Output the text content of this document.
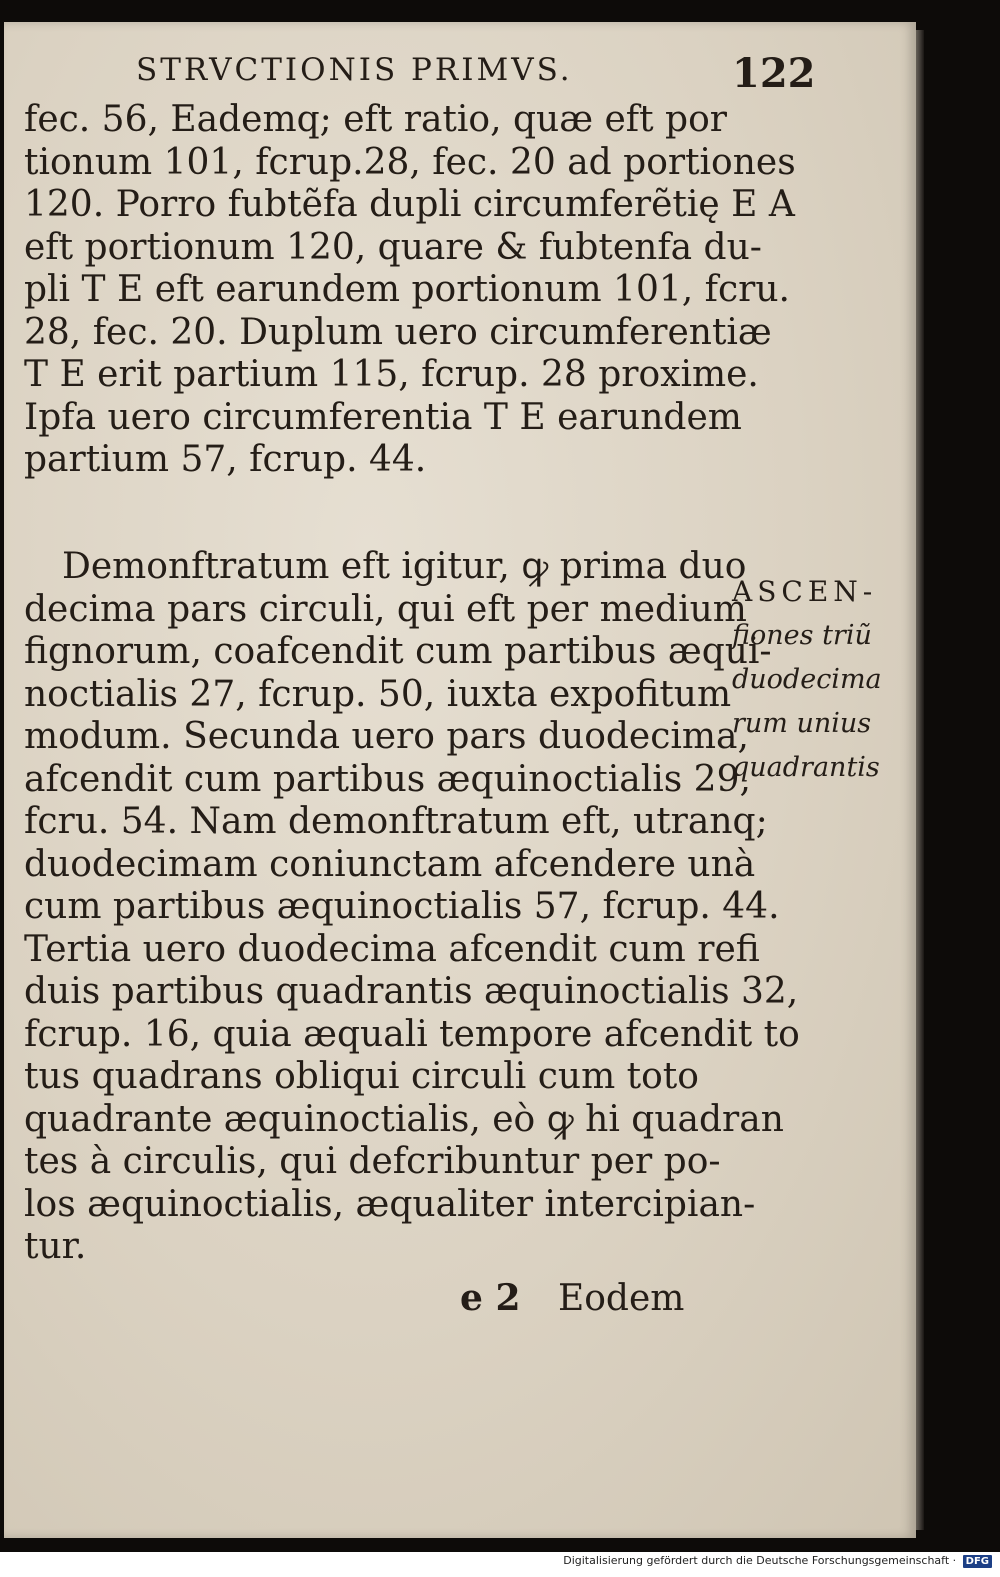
STRVCTIONIS PRIMVS.	122
fec. 56, Eademq; eft ratio, quæ eft por
tionum 101, fcrup.28, fec. 20 ad portiones
120. Porro fubtẽfa dupli circumferẽtię E A
eft portionum 120, quare & fubtenfa du-
pli T E eft earundem portionum 101, fcru.
28, fec. 20. Duplum uero circumferentiæ
T E erit partium 115, fcrup. 28 proxime.
Ipfa uero circumferentia T E earundem
partium 57, fcrup. 44.
Demonftratum eft igitur, ꝙ prima duo
decima pars circuli, qui eft per medium
fignorum, coafcendit cum partibus æqui-
noctialis 27, fcrup. 50, iuxta expofitum
modum. Secunda uero pars duodecima,
afcendit cum partibus æquinoctialis 29,
fcru. 54. Nam demonftratum eft, utranq;
duodecimam coniunctam afcendere unà
cum partibus æquinoctialis 57, fcrup. 44.
Tertia uero duodecima afcendit cum refi
duis partibus quadrantis æquinoctialis 32,
fcrup. 16, quia æquali tempore afcendit to
tus quadrans obliqui circuli cum toto
quadrante æquinoctialis, eò ꝙ hi quadran
tes à circulis, qui defcribuntur per po-
los æquinoctialis, æqualiter intercipian-
tur.
ASCEN-
fiones triũ
duodecima
rum unius
quadrantis
e 2 Eodem
Digitalisierung gefördert durch die Deutsche Forschungsgemeinschaft · DFG
